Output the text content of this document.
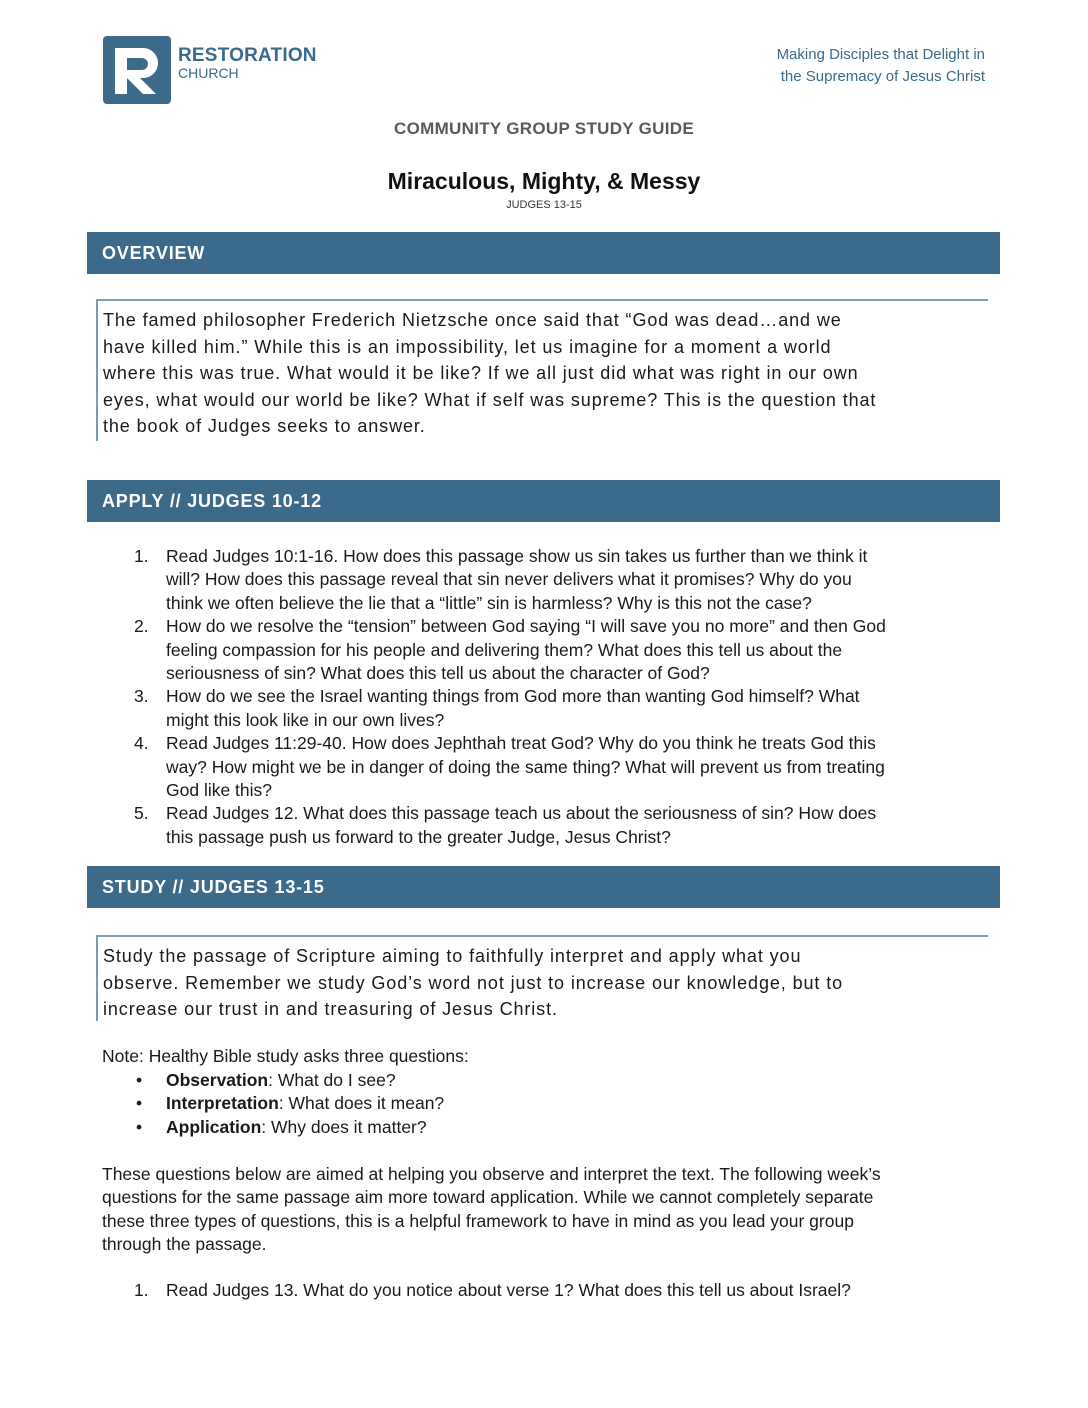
RESTORATION
CHURCH
Making Disciples that Delight in
the Supremacy of Jesus Christ
COMMUNITY GROUP STUDY GUIDE
Miraculous, Mighty, & Messy
JUDGES 13-15
OVERVIEW

The famed philosopher Frederich Nietzsche once said that “God was dead…and we

have killed him.” While this is an impossibility, let us imagine for a moment a world

where this was true. What would it be like? If we all just did what was right in our own

eyes, what would our world be like? What if self was supreme? This is the question that

the book of Judges seeks to answer.

APPLY // JUDGES 10-12
1. Read Judges 10:1-16. How does this passage show us sin takes us further than we think it
will? How does this passage reveal that sin never delivers what it promises? Why do you
think we often believe the lie that a “little” sin is harmless? Why is this not the case?
2. How do we resolve the “tension” between God saying “I will save you no more” and then God
feeling compassion for his people and delivering them? What does this tell us about the
seriousness of sin? What does this tell us about the character of God?
3. How do we see the Israel wanting things from God more than wanting God himself? What
might this look like in our own lives?
4. Read Judges 11:29-40. How does Jephthah treat God? Why do you think he treats God this
way? How might we be in danger of doing the same thing? What will prevent us from treating
God like this?
5. Read Judges 12. What does this passage teach us about the seriousness of sin? How does
this passage push us forward to the greater Judge, Jesus Christ?
STUDY // JUDGES 13-15

Study the passage of Scripture aiming to faithfully interpret and apply what you

observe. Remember we study God’s word not just to increase our knowledge, but to

increase our trust in and treasuring of Jesus Christ.

Note: Healthy Bible study asks three questions:
• Observation: What do I see?
• Interpretation: What does it mean?
• Application: Why does it matter?

These questions below are aimed at helping you observe and interpret the text. The following week’s

questions for the same passage aim more toward application. While we cannot completely separate

these three types of questions, this is a helpful framework to have in mind as you lead your group

through the passage.

1. Read Judges 13. What do you notice about verse 1? What does this tell us about Israel?
